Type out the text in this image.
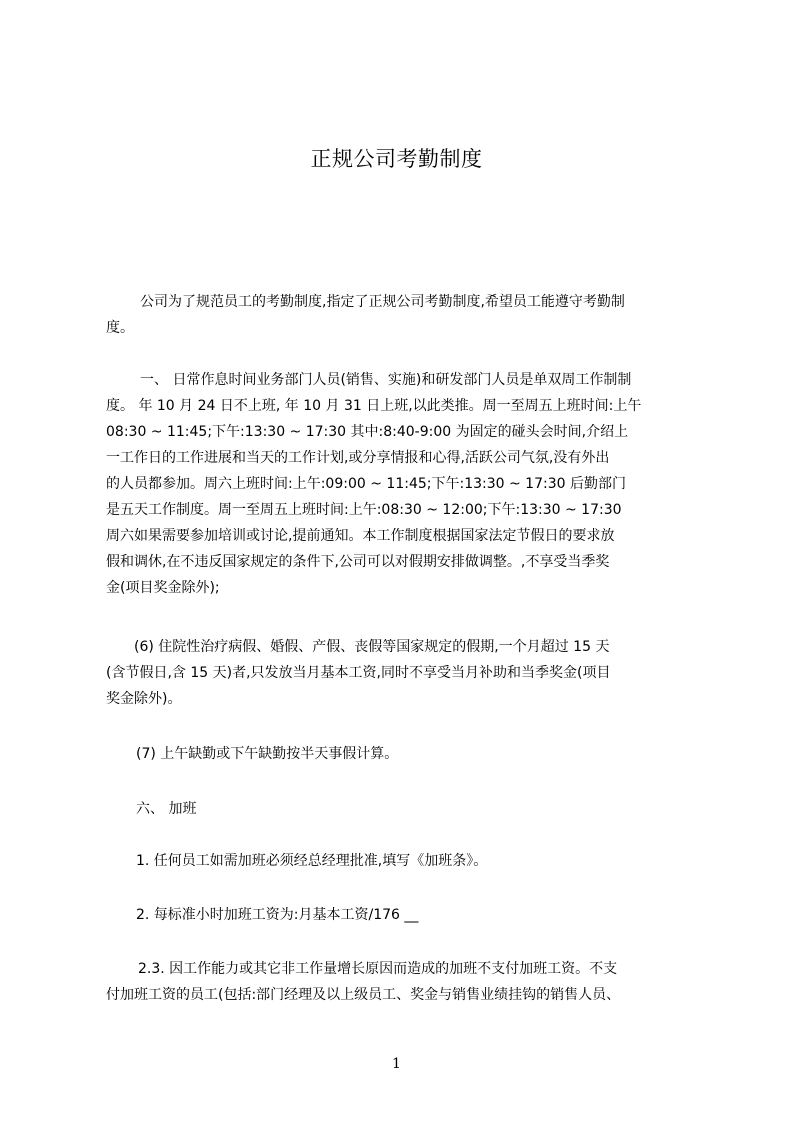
正规公司考勤制度
公司为了规范员工的考勤制度,指定了正规公司考勤制度,希望员工能遵守考勤制
度。
一、 日常作息时间业务部门人员(销售、实施)和研发部门人员是单双周工作制制
度。 年 10 月 24 日不上班, 年 10 月 31 日上班,以此类推。周一至周五上班时间:上午
08:30 ~ 11:45;下午:13:30 ~ 17:30 其中:8:40-9:00 为固定的碰头会时间,介绍上
一工作日的工作进展和当天的工作计划,或分享情报和心得,活跃公司气氛,没有外出
的人员都参加。周六上班时间:上午:09:00 ~ 11:45;下午:13:30 ~ 17:30 后勤部门
是五天工作制度。周一至周五上班时间:上午:08:30 ~ 12:00;下午:13:30 ~ 17:30
周六如果需要参加培训或讨论,提前通知。本工作制度根据国家法定节假日的要求放
假和调休,在不违反国家规定的条件下,公司可以对假期安排做调整。,不享受当季奖
金(项目奖金除外);
(6) 住院性治疗病假、婚假、产假、丧假等国家规定的假期,一个月超过 15 天
(含节假日,含 15 天)者,只发放当月基本工资,同时不享受当月补助和当季奖金(项目
奖金除外)。
(7) 上午缺勤或下午缺勤按半天事假计算。
六、 加班
1. 任何员工如需加班必须经总经理批准,填写《加班条》。
2. 每标准小时加班工资为:月基本工资/176 __
2.3. 因工作能力或其它非工作量增长原因而造成的加班不支付加班工资。不支
付加班工资的员工(包括:部门经理及以上级员工、奖金与销售业绩挂钩的销售人员、
1
